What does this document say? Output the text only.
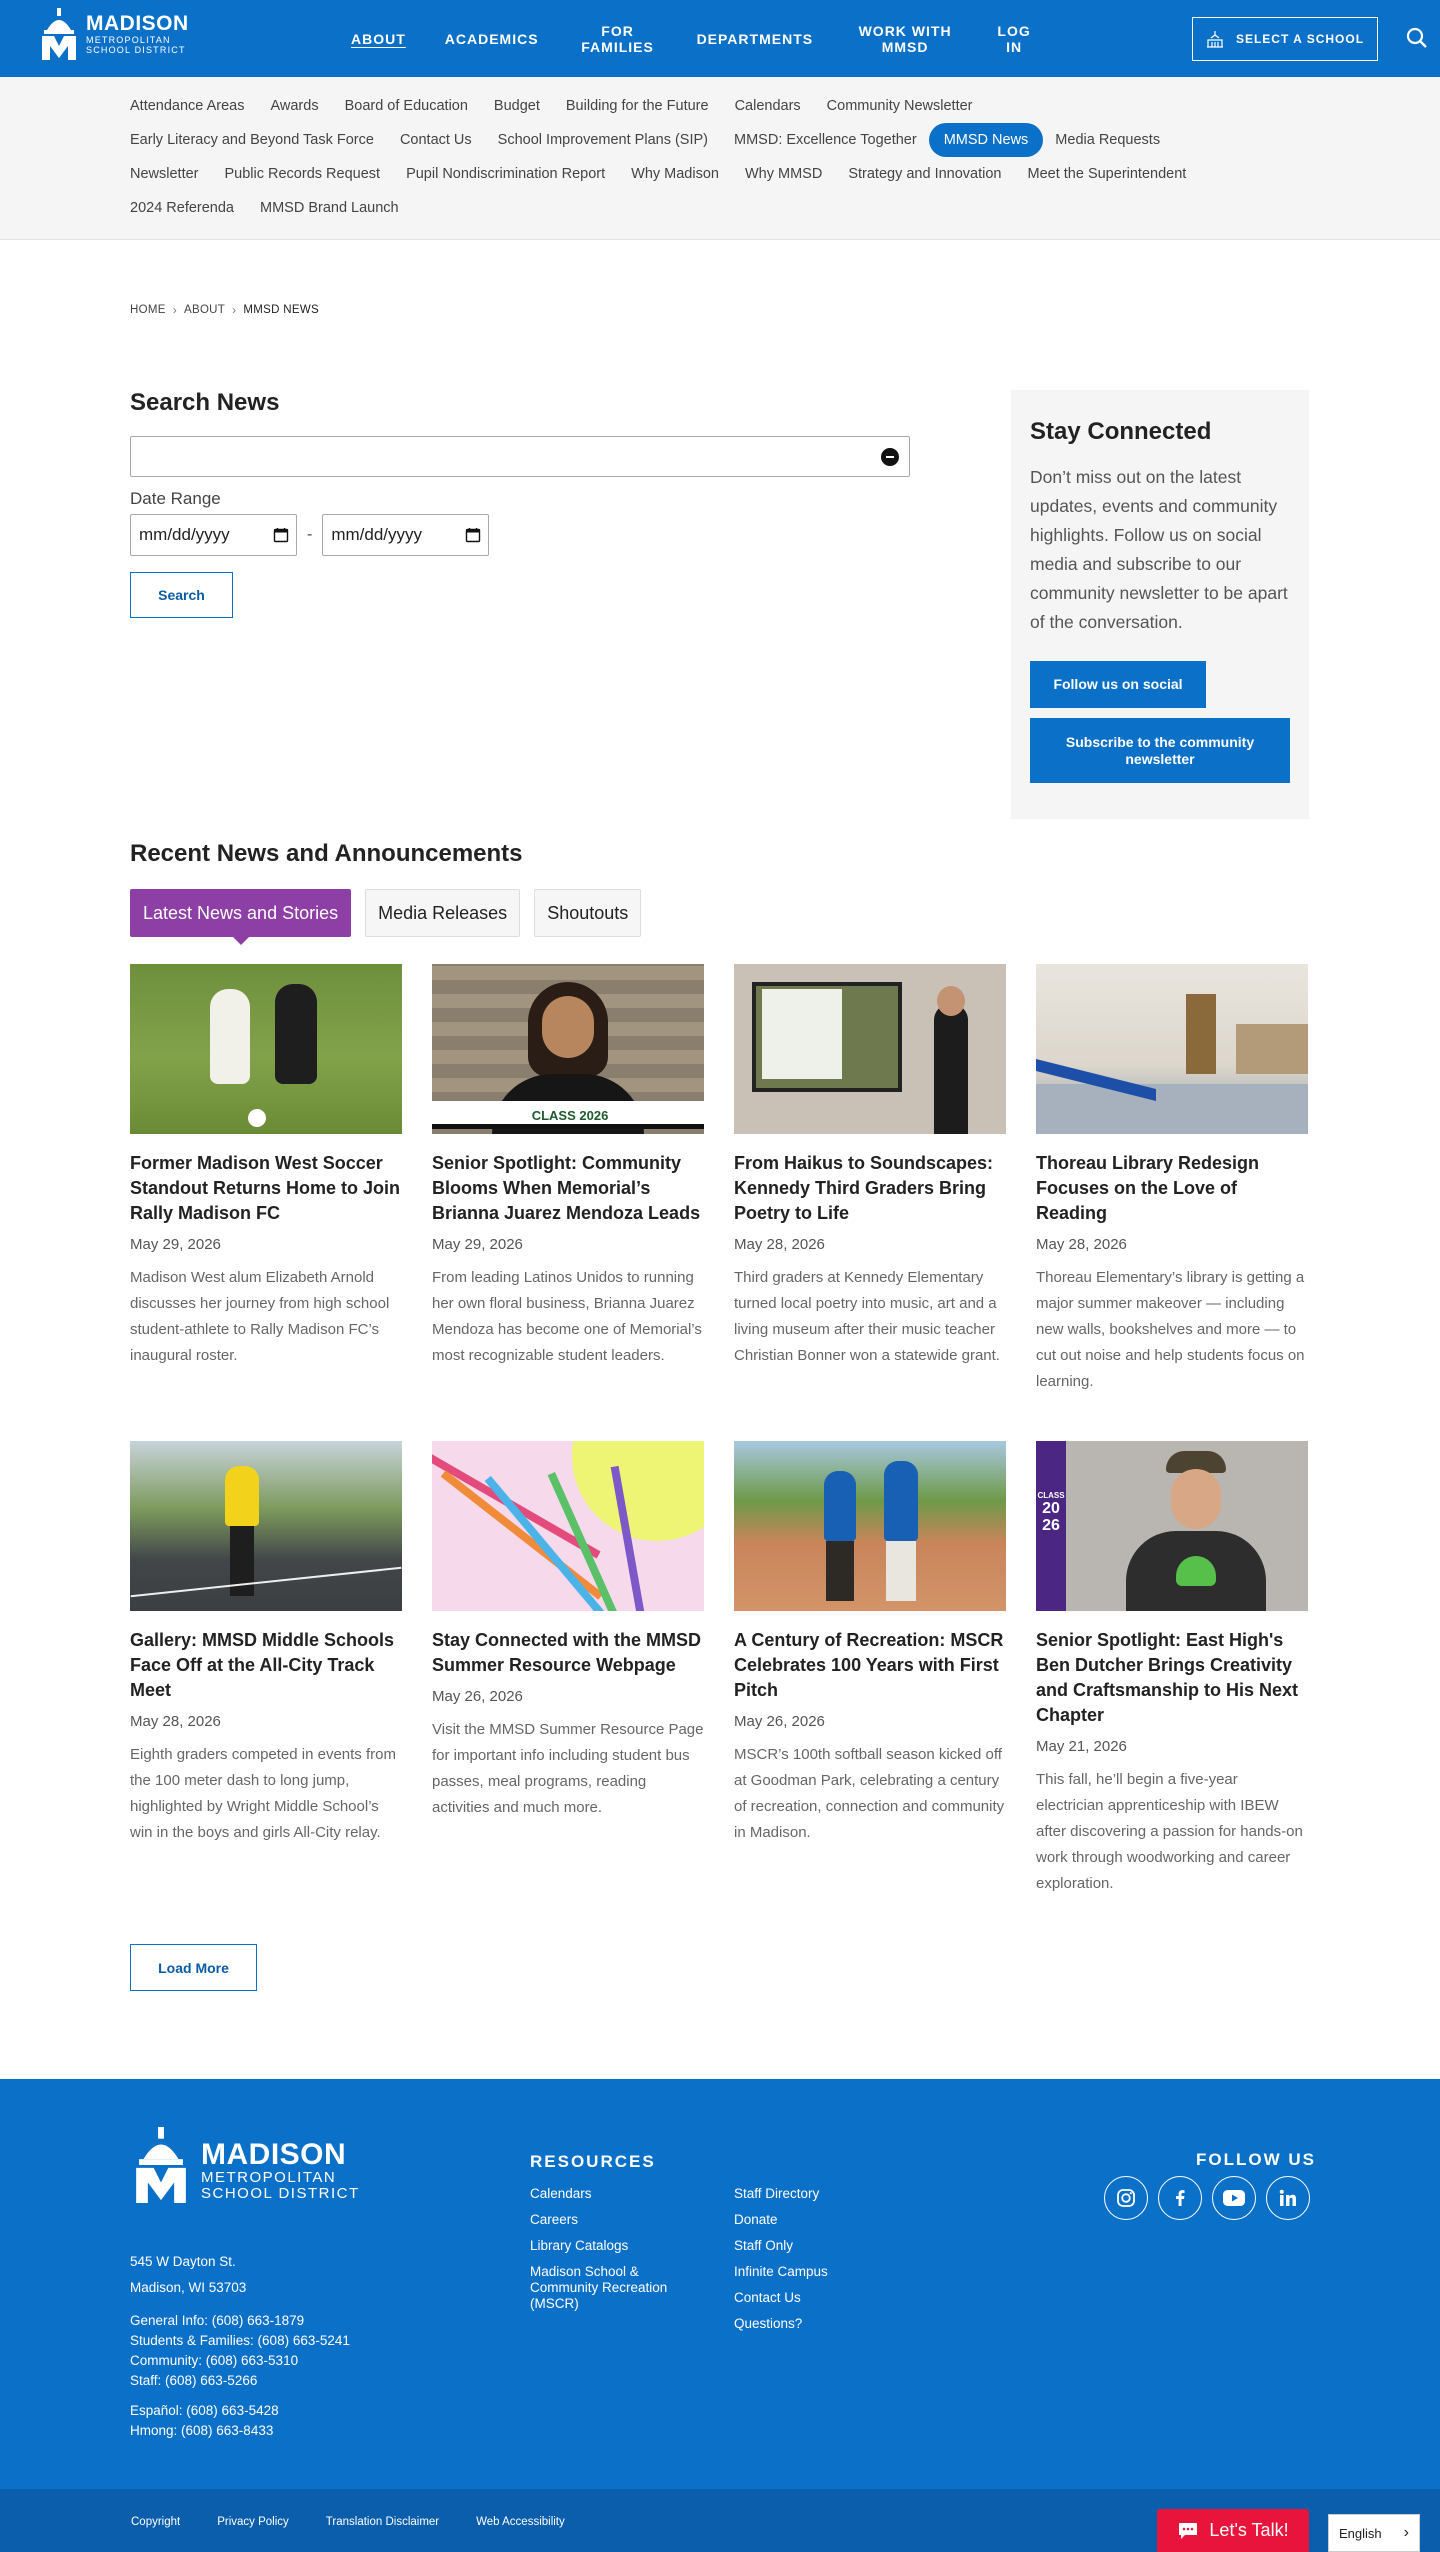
MADISON
METROPOLITAN
SCHOOL DISTRICT
ABOUT	ACADEMICS	FOR FAMILIES	DEPARTMENTS	WORK WITH MMSD
LOG IN	SELECT A SCHOOL
Attendance Areas Awards Board of Education Budget Building for the Future Calendars Community Newsletter
Early Literacy and Beyond Task Force Contact Us School Improvement Plans (SIP) MMSD: Excellence Together	MMSD News	Media Requests
Newsletter Public Records Request Pupil Nondiscrimination Report Why Madison Why MMSD Strategy and Innovation Meet the Superintendent
2024 Referenda MMSD Brand Launch
HOME › ABOUT › MMSD NEWS
Search News
Date Range
mm/dd/yyyy	- mm/dd/yyyy
Search
Stay Connected

Don’t miss out on the latest updates, events and community highlights. Follow us on social media and subscribe to our community newsletter to be apart of the conversation.

Follow us on social
Subscribe to the community newsletter
Recent News and Announcements
Latest News and Stories	Media Releases	Shoutouts
Former Madison West Soccer Standout Returns Home to Join Rally Madison FC
May 29, 2026
Madison West alum Elizabeth Arnold discusses her journey from high school student-athlete to Rally Madison FC’s inaugural roster.
CLASS 2026
Senior Spotlight: Community Blooms When Memorial’s Brianna Juarez Mendoza Leads
May 29, 2026
From leading Latinos Unidos to running her own floral business, Brianna Juarez Mendoza has become one of Memorial’s most recognizable student leaders.
From Haikus to Soundscapes: Kennedy Third Graders Bring Poetry to Life
May 28, 2026
Third graders at Kennedy Elementary turned local poetry into music, art and a living museum after their music teacher Christian Bonner won a statewide grant.
Thoreau Library Redesign Focuses on the Love of Reading
May 28, 2026
Thoreau Elementary’s library is getting a major summer makeover — including new walls, bookshelves and more — to cut out noise and help students focus on learning.
Gallery: MMSD Middle Schools Face Off at the All-City Track Meet
May 28, 2026
Eighth graders competed in events from the 100 meter dash to long jump, highlighted by Wright Middle School’s win in the boys and girls All-City relay.
Stay Connected with the MMSD Summer Resource Webpage
May 26, 2026
Visit the MMSD Summer Resource Page for important info including student bus passes, meal programs, reading activities and much more.
A Century of Recreation: MSCR Celebrates 100 Years with First Pitch
May 26, 2026
MSCR’s 100th softball season kicked off at Goodman Park, celebrating a century of recreation, connection and community in Madison.
CLASS
20
26
Senior Spotlight: East High's Ben Dutcher Brings Creativity and Craftsmanship to His Next Chapter
May 21, 2026
This fall, he’ll begin a five-year electrician apprenticeship with IBEW after discovering a passion for hands-on work through woodworking and career exploration.
Load More
MADISON
METROPOLITAN
SCHOOL DISTRICT
545 W Dayton St.
Madison, WI 53703
General Info: (608) 663-1879
Students & Families: (608) 663-5241
Community: (608) 663-5310
Staff: (608) 663-5266
Español: (608) 663-5428
Hmong: (608) 663-8433
RESOURCES
Calendars
Careers
Library Catalogs
Madison School & Community Recreation (MSCR)
Staff Directory
Donate
Staff Only
Infinite Campus
Contact Us
Questions?
FOLLOW US
Copyright	Privacy Policy	Translation Disclaimer	Web Accessibility	Let's Talk!	English ›
